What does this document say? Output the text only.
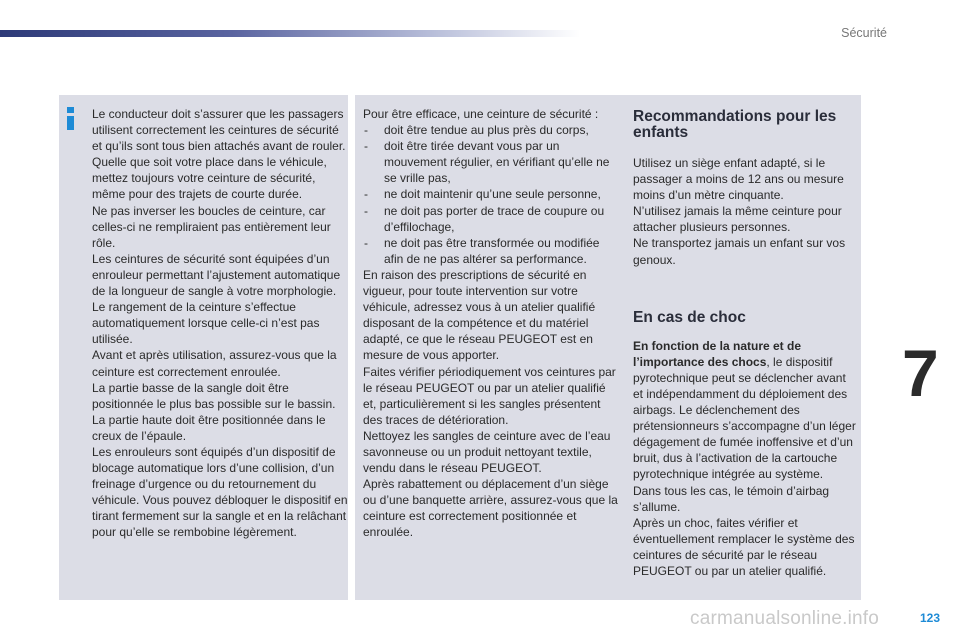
Sécurité

Le conducteur doit s’assurer que les passagers utilisent correctement les ceintures de sécurité et qu’ils sont tous bien attachés avant de rouler.

Quelle que soit votre place dans le véhicule, mettez toujours votre ceinture de sécurité, même pour des trajets de courte durée.

Ne pas inverser les boucles de ceinture, car celles-ci ne rempliraient pas entièrement leur rôle.

Les ceintures de sécurité sont équipées d’un enrouleur permettant l’ajustement automatique de la longueur de sangle à votre morphologie. Le rangement de la ceinture s’effectue automatiquement lorsque celle-ci n’est pas utilisée.

Avant et après utilisation, assurez-vous que la ceinture est correctement enroulée.

La partie basse de la sangle doit être positionnée le plus bas possible sur le bassin.

La partie haute doit être positionnée dans le creux de l’épaule.

Les enrouleurs sont équipés d’un dispositif de blocage automatique lors d’une collision, d’un freinage d’urgence ou du retournement du véhicule. Vous pouvez débloquer le dispositif en tirant fermement sur la sangle et en la relâchant pour qu’elle se rembobine légèrement.

Pour être efficace, une ceinture de sécurité :

- doit être tendue au plus près du corps,
- doit être tirée devant vous par un mouvement régulier, en vérifiant qu’elle ne se vrille pas,
- ne doit maintenir qu’une seule personne,
- ne doit pas porter de trace de coupure ou d’effilochage,
- ne doit pas être transformée ou modifiée afin de ne pas altérer sa performance.

En raison des prescriptions de sécurité en vigueur, pour toute intervention sur votre véhicule, adressez vous à un atelier qualifié disposant de la compétence et du matériel adapté, ce que le réseau PEUGEOT est en mesure de vous apporter.

Faites vérifier périodiquement vos ceintures par le réseau PEUGEOT ou par un atelier qualifié et, particulièrement si les sangles présentent des traces de détérioration.

Nettoyez les sangles de ceinture avec de l’eau savonneuse ou un produit nettoyant textile, vendu dans le réseau PEUGEOT.

Après rabattement ou déplacement d’un siège ou d’une banquette arrière, assurez-vous que la ceinture est correctement positionnée et enroulée.

Recommandations pour les enfants

Utilisez un siège enfant adapté, si le passager a moins de 12 ans ou mesure moins d’un mètre cinquante.

N’utilisez jamais la même ceinture pour attacher plusieurs personnes.

Ne transportez jamais un enfant sur vos genoux.

En cas de choc

En fonction de la nature et de l’importance des chocs, le dispositif pyrotechnique peut se déclencher avant et indépendamment du déploiement des airbags. Le déclenchement des prétensionneurs s’accompagne d’un léger dégagement de fumée inoffensive et d’un bruit, dus à l’activation de la cartouche pyrotechnique intégrée au système.

Dans tous les cas, le témoin d’airbag s’allume.

Après un choc, faites vérifier et éventuellement remplacer le système des ceintures de sécurité par le réseau PEUGEOT ou par un atelier qualifié.

7
carmanualsonline.info	123
